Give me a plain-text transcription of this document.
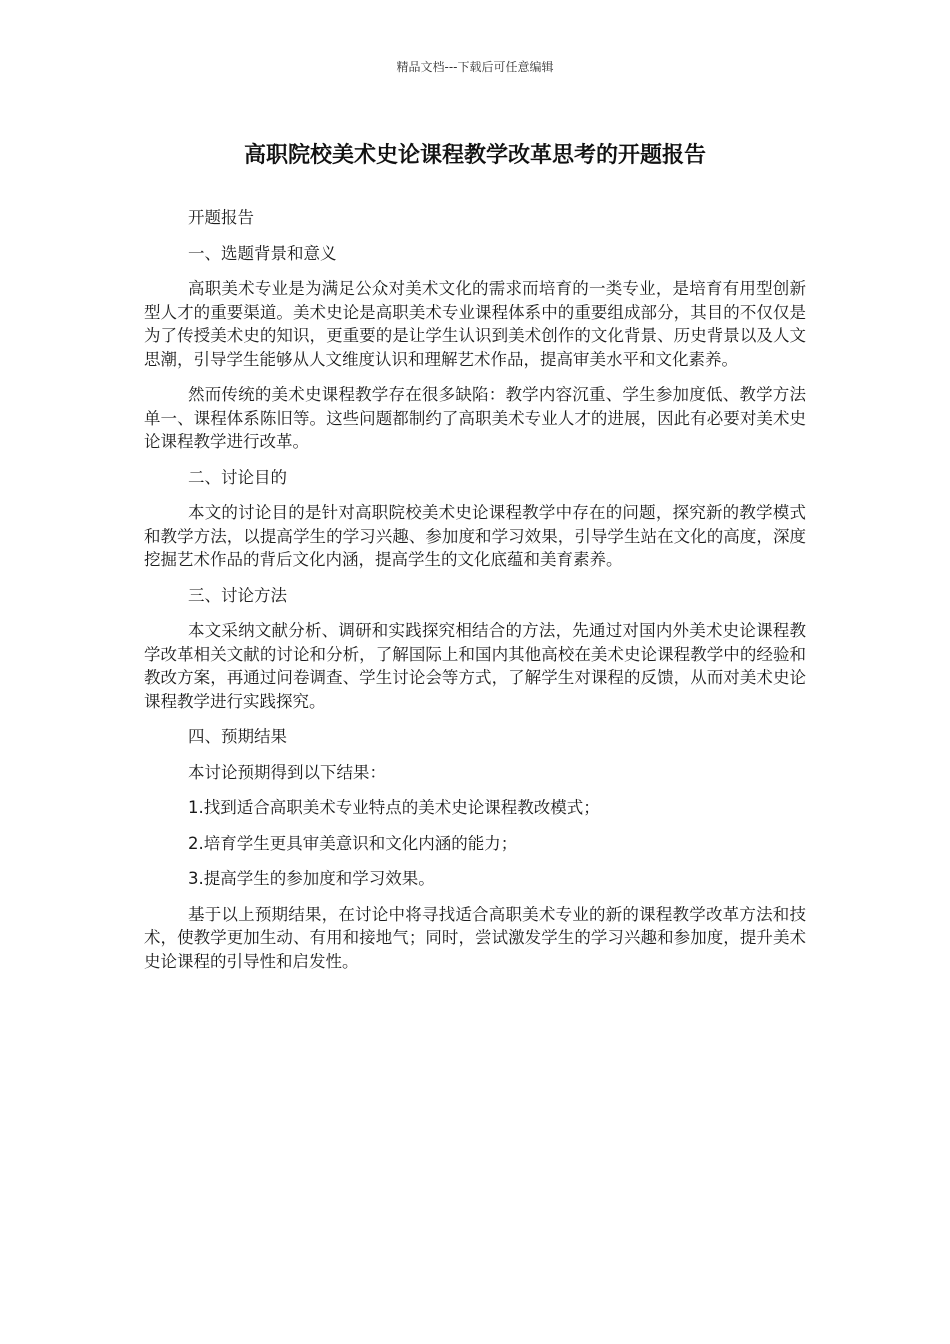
精品文档---下载后可任意编辑
高职院校美术史论课程教学改革思考的开题报告

开题报告

一、选题背景和意义

高职美术专业是为满足公众对美术文化的需求而培育的一类专业，是培育有用型创新型人才的重要渠道。美术史论是高职美术专业课程体系中的重要组成部分，其目的不仅仅是为了传授美术史的知识，更重要的是让学生认识到美术创作的文化背景、历史背景以及人文思潮，引导学生能够从人文维度认识和理解艺术作品，提高审美水平和文化素养。

然而传统的美术史课程教学存在很多缺陷：教学内容沉重、学生参加度低、教学方法单一、课程体系陈旧等。这些问题都制约了高职美术专业人才的进展，因此有必要对美术史论课程教学进行改革。

二、讨论目的

本文的讨论目的是针对高职院校美术史论课程教学中存在的问题，探究新的教学模式和教学方法，以提高学生的学习兴趣、参加度和学习效果，引导学生站在文化的高度，深度挖掘艺术作品的背后文化内涵，提高学生的文化底蕴和美育素养。

三、讨论方法

本文采纳文献分析、调研和实践探究相结合的方法，先通过对国内外美术史论课程教学改革相关文献的讨论和分析，了解国际上和国内其他高校在美术史论课程教学中的经验和教改方案，再通过问卷调查、学生讨论会等方式，了解学生对课程的反馈，从而对美术史论课程教学进行实践探究。

四、预期结果

本讨论预期得到以下结果：

1.找到适合高职美术专业特点的美术史论课程教改模式；

2.培育学生更具审美意识和文化内涵的能力；

3.提高学生的参加度和学习效果。

基于以上预期结果，在讨论中将寻找适合高职美术专业的新的课程教学改革方法和技术，使教学更加生动、有用和接地气；同时，尝试激发学生的学习兴趣和参加度，提升美术史论课程的引导性和启发性。
